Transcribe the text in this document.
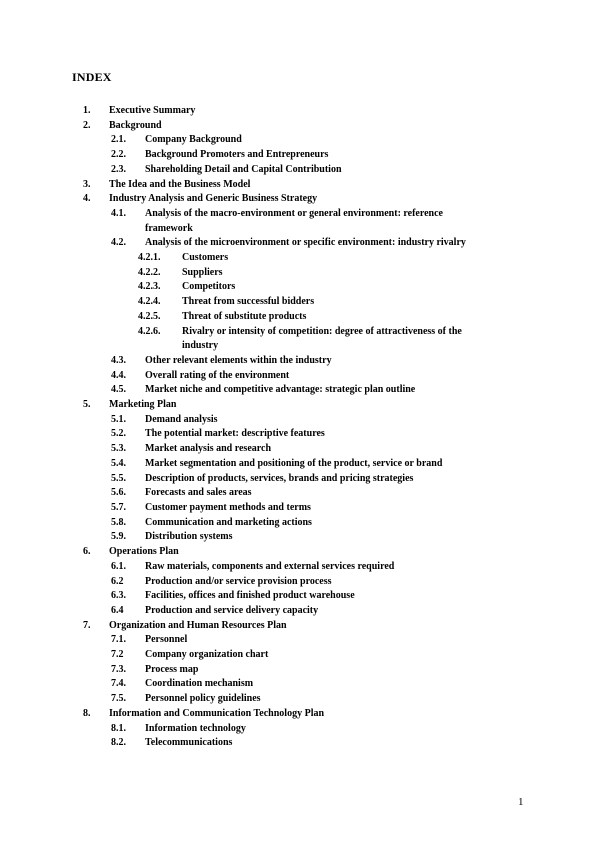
INDEX
1.	Executive Summary
2.	Background
2.1.	Company Background
2.2.	Background Promoters and Entrepreneurs
2.3.	Shareholding Detail and Capital Contribution
3.	The Idea and the Business Model
4.	Industry Analysis and Generic Business Strategy
4.1.	Analysis of the macro-environment or general environment: reference framework
4.2.	Analysis of the microenvironment or specific environment: industry rivalry
4.2.1.	Customers
4.2.2.	Suppliers
4.2.3.	Competitors
4.2.4.	Threat from successful bidders
4.2.5.	Threat of substitute products
4.2.6.	Rivalry or intensity of competition: degree of attractiveness of the industry
4.3.	Other relevant elements within the industry
4.4.	Overall rating of the environment
4.5.	Market niche and competitive advantage: strategic plan outline
5.	Marketing Plan
5.1.	Demand analysis
5.2.	The potential market: descriptive features
5.3.	Market analysis and research
5.4.	Market segmentation and positioning of the product, service or brand
5.5.	Description of products, services, brands and pricing strategies
5.6.	Forecasts and sales areas
5.7.	Customer payment methods and terms
5.8.	Communication and marketing actions
5.9.	Distribution systems
6.	Operations Plan
6.1.	Raw materials, components and external services required
6.2	Production and/or service provision process
6.3.	Facilities, offices and finished product warehouse
6.4	Production and service delivery capacity
7.	Organization and Human Resources Plan
7.1.	Personnel
7.2	Company organization chart
7.3.	Process map
7.4.	Coordination mechanism
7.5.	Personnel policy guidelines
8.	Information and Communication Technology Plan
8.1.	Information technology
8.2.	Telecommunications
1
